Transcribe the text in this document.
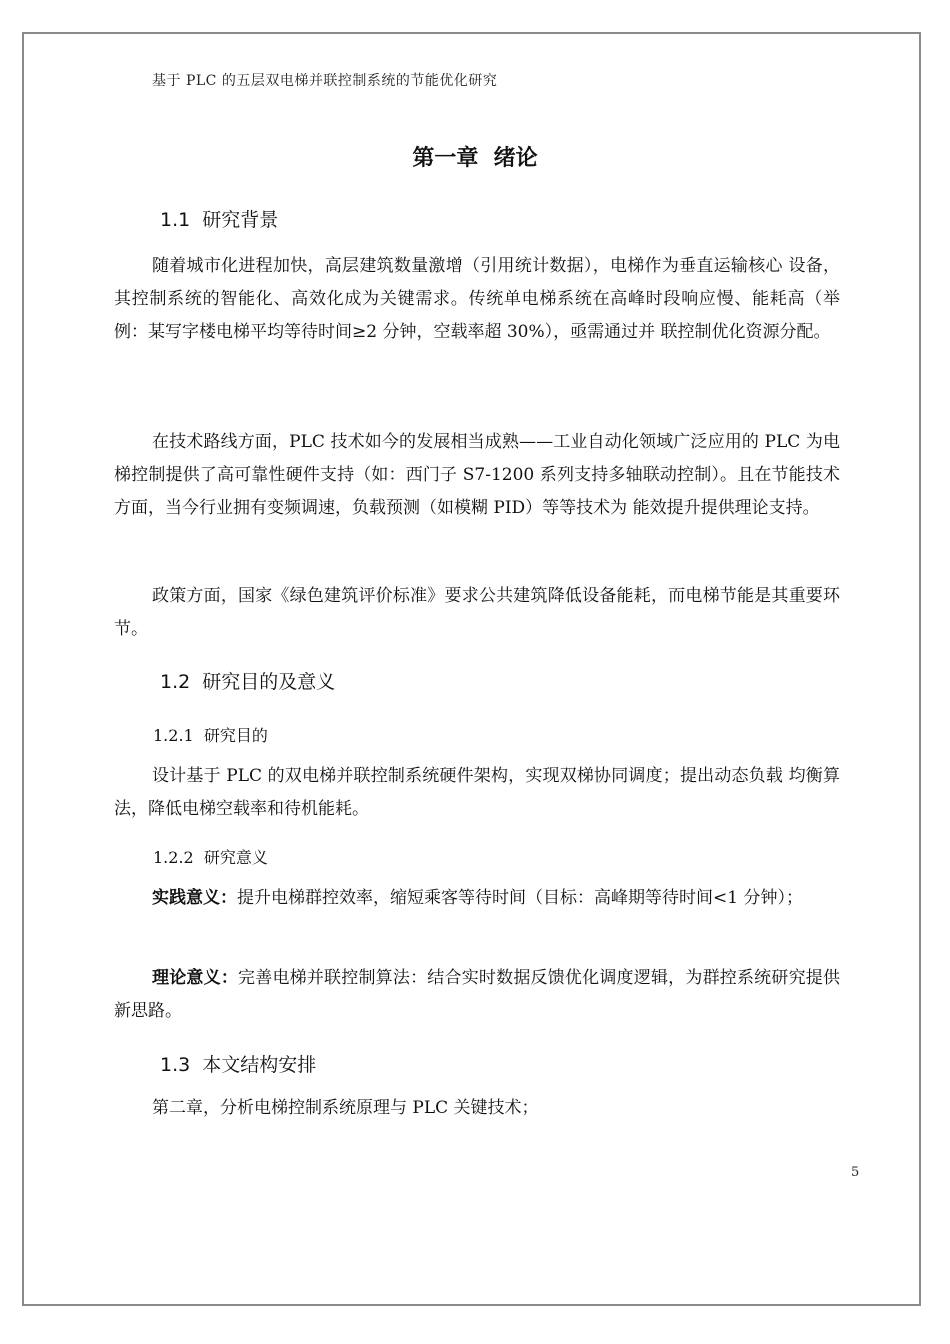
基于 PLC 的五层双电梯并联控制系统的节能优化研究
第一章  绪论
1.1  研究背景

随着城市化进程加快，高层建筑数量激增（引用统计数据），电梯作为垂直运输核心 设备，其控制系统的智能化、高效化成为关键需求。传统单电梯系统在高峰时段响应慢、能耗高（举例：某写字楼电梯平均等待时间≥2 分钟，空载率超 30%），亟需通过并 联控制优化资源分配。

在技术路线方面，PLC 技术如今的发展相当成熟——工业自动化领域广泛应用的 PLC 为电梯控制提供了高可靠性硬件支持（如：西门子 S7-1200 系列支持多轴联动控制）。且在节能技术方面，当今行业拥有变频调速，负载预测（如模糊 PID）等等技术为 能效提升提供理论支持。

政策方面，国家《绿色建筑评价标准》要求公共建筑降低设备能耗，而电梯节能是其重要环节。

1.2  研究目的及意义
1.2.1  研究目的

设计基于 PLC 的双电梯并联控制系统硬件架构，实现双梯协同调度；提出动态负载 均衡算法，降低电梯空载率和待机能耗。

1.2.2  研究意义

实践意义：提升电梯群控效率，缩短乘客等待时间（目标：高峰期等待时间<1 分钟）；

理论意义：完善电梯并联控制算法：结合实时数据反馈优化调度逻辑，为群控系统研究提供新思路。

1.3  本文结构安排

第二章，分析电梯控制系统原理与 PLC 关键技术；

5
